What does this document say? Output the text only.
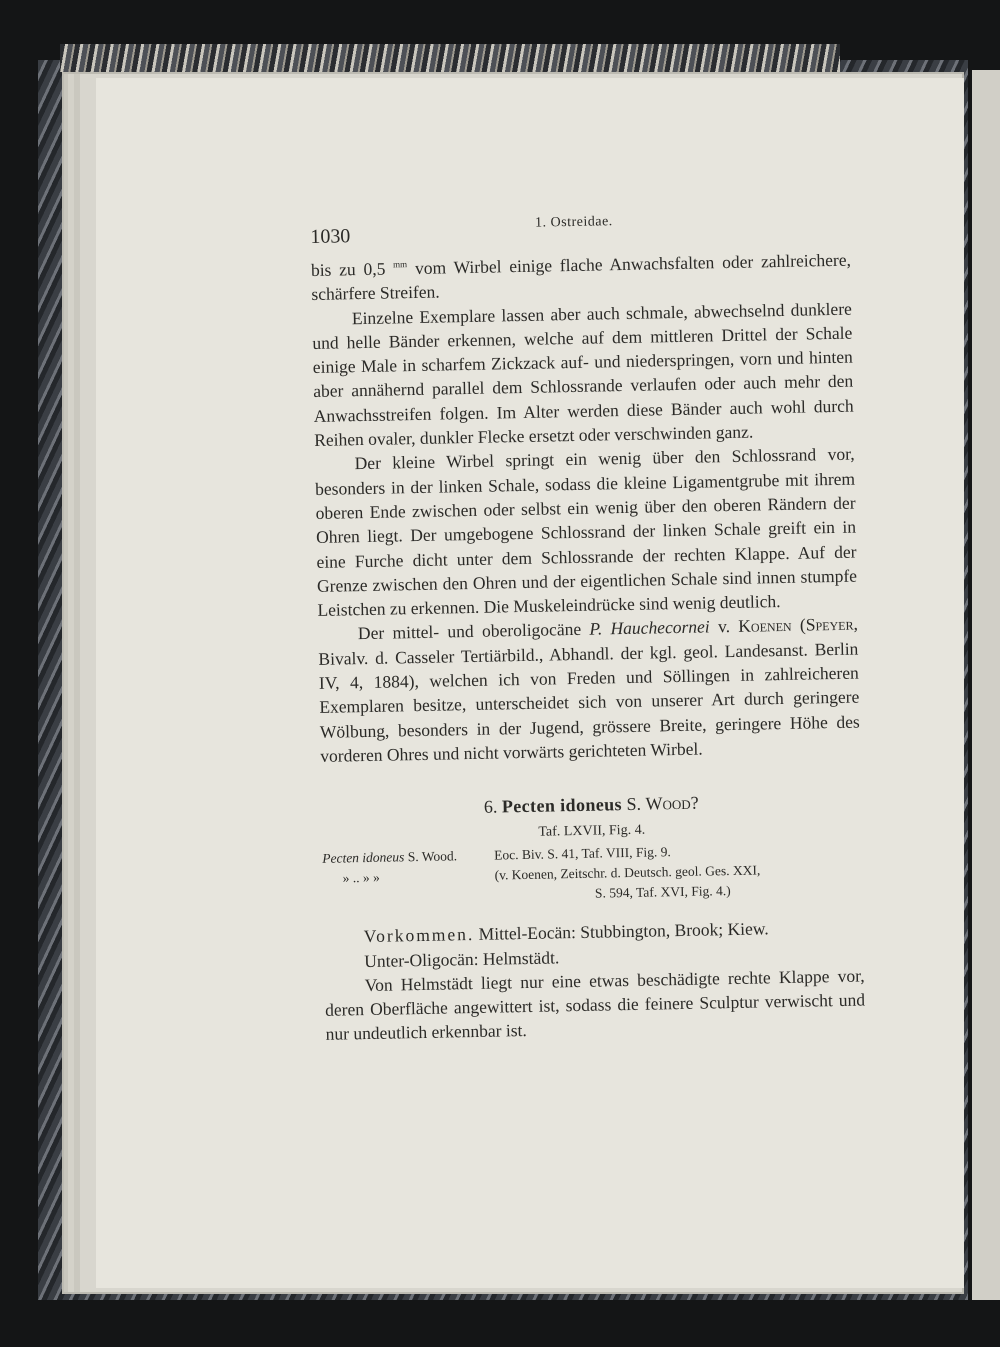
1030
1. Ostreidae.

bis zu 0,5 $^{mm}$ vom Wirbel einige flache Anwachsfalten oder zahlreichere, schärfere Streifen.

Einzelne Exemplare lassen aber auch schmale, abwechselnd dunklere und helle Bänder erkennen, welche auf dem mittleren Drittel der Schale einige Male in scharfem Zickzack auf- und niederspringen, vorn und hinten aber annähernd parallel dem Schlossrande verlaufen oder auch mehr den Anwachsstreifen folgen. Im Alter werden diese Bänder auch wohl durch Reihen ovaler, dunkler Flecke ersetzt oder verschwinden ganz.

Der kleine Wirbel springt ein wenig über den Schlossrand vor, besonders in der linken Schale, sodass die kleine Ligamentgrube mit ihrem oberen Ende zwischen oder selbst ein wenig über den oberen Rändern der Ohren liegt. Der umgebogene Schlossrand der linken Schale greift ein in eine Furche dicht unter dem Schlossrande der rechten Klappe. Auf der Grenze zwischen den Ohren und der eigentlichen Schale sind innen stumpfe Leistchen zu erkennen. Die Muskeleindrücke sind wenig deutlich.

Der mittel- und oberoligocäne P. Hauchecornei v. Koenen (Speyer, Bivalv. d. Casseler Tertiärbild., Abhandl. der kgl. geol. Landesanst. Berlin IV, 4, 1884), welchen ich von Freden und Söllingen in zahlreicheren Exemplaren besitze, unterscheidet sich von unserer Art durch geringere Wölbung, besonders in der Jugend, grössere Breite, geringere Höhe des vorderen Ohres und nicht vorwärts gerichteten Wirbel.

6. Pecten idoneus S. Wood?
Taf. LXVII, Fig. 4.
Pecten idoneus S. Wood.	Eoc. Biv. S. 41, Taf. VIII, Fig. 9.
» .. » »	(v. Koenen, Zeitschr. d. Deutsch. geol. Ges. XXI,
S. 594, Taf. XVI, Fig. 4.)

Vorkommen. Mittel-Eocän: Stubbington, Brook; Kiew.

Unter-Oligocän: Helmstädt.

Von Helmstädt liegt nur eine etwas beschädigte rechte Klappe vor, deren Oberfläche angewittert ist, sodass die feinere Sculptur verwischt und nur undeutlich erkennbar ist.
